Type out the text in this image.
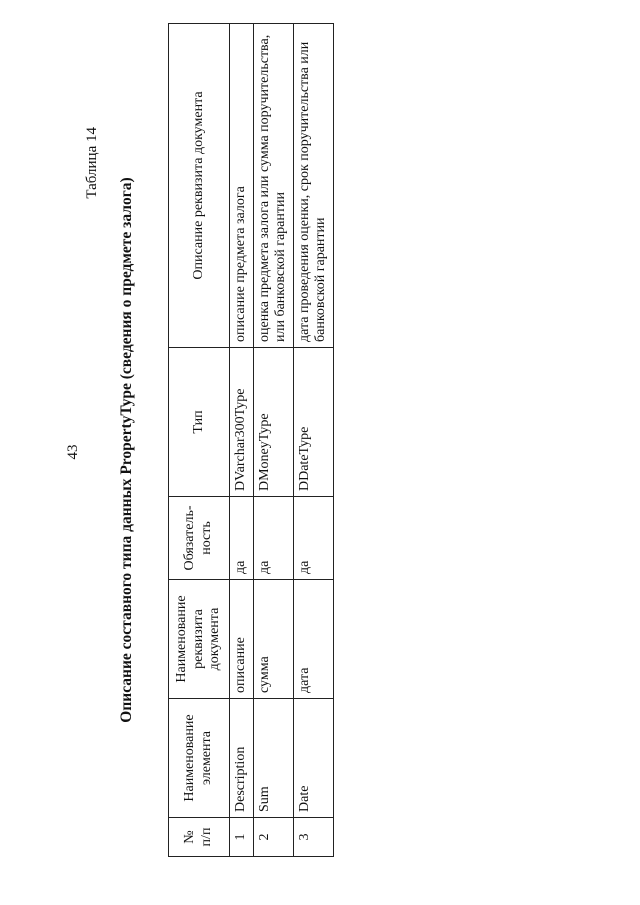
43
Таблица 14
Описание составного типа данных PropertyType (сведения о предмете залога)
№ п/п	Наименование элемента	Наименование реквизита документа	Обязатель-ность	Тип	Описание реквизита документа
1	Description	описание	да	DVarchar300Type	описание предмета залога
2	Sum	сумма	да	DMoneyType	оценка предмета залога или сумма поручительства, или банковской гарантии
3	Date	дата	да	DDateType	дата проведения оценки, срок поручительства или банковской гарантии
